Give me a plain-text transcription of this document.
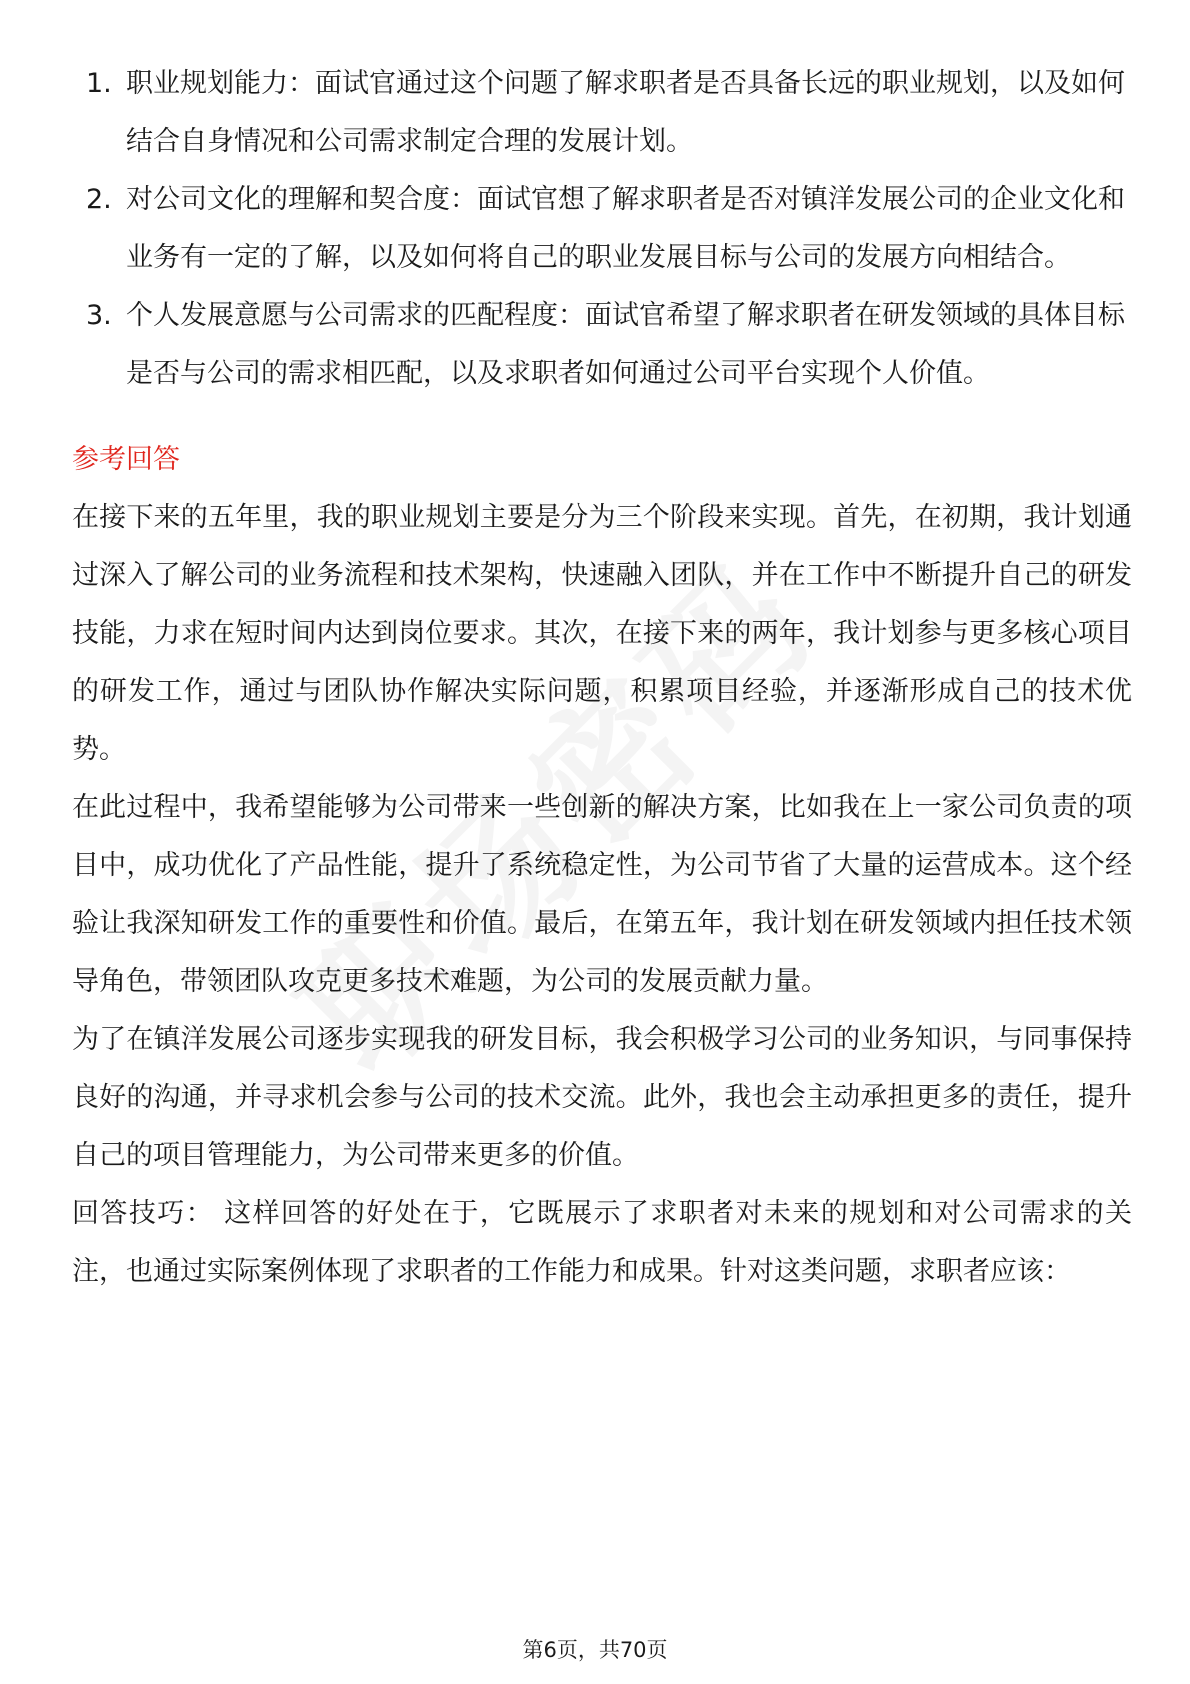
1. 职业规划能力：面试官通过这个问题了解求职者是否具备长远的职业规划，以及如何结合自身情况和公司需求制定合理的发展计划。
2. 对公司文化的理解和契合度：面试官想了解求职者是否对镇洋发展公司的企业文化和业务有一定的了解，以及如何将自己的职业发展目标与公司的发展方向相结合。
3. 个人发展意愿与公司需求的匹配程度：面试官希望了解求职者在研发领域的具体目标是否与公司的需求相匹配，以及求职者如何通过公司平台实现个人价值。
参考回答

在接下来的五年里，我的职业规划主要是分为三个阶段来实现。首先，在初期，我计划通过深入了解公司的业务流程和技术架构，快速融入团队，并在工作中不断提升自己的研发技能，力求在短时间内达到岗位要求。其次，在接下来的两年，我计划参与更多核心项目的研发工作，通过与团队协作解决实际问题，积累项目经验，并逐渐形成自己的技术优势。

在此过程中，我希望能够为公司带来一些创新的解决方案，比如我在上一家公司负责的项目中，成功优化了产品性能，提升了系统稳定性，为公司节省了大量的运营成本。这个经验让我深知研发工作的重要性和价值。最后，在第五年，我计划在研发领域内担任技术领导角色，带领团队攻克更多技术难题，为公司的发展贡献力量。

为了在镇洋发展公司逐步实现我的研发目标，我会积极学习公司的业务知识，与同事保持良好的沟通，并寻求机会参与公司的技术交流。此外，我也会主动承担更多的责任，提升自己的项目管理能力，为公司带来更多的价值。

回答技巧： 这样回答的好处在于，它既展示了求职者对未来的规划和对公司需求的关注，也通过实际案例体现了求职者的工作能力和成果。针对这类问题，求职者应该：

第6页，共70页
